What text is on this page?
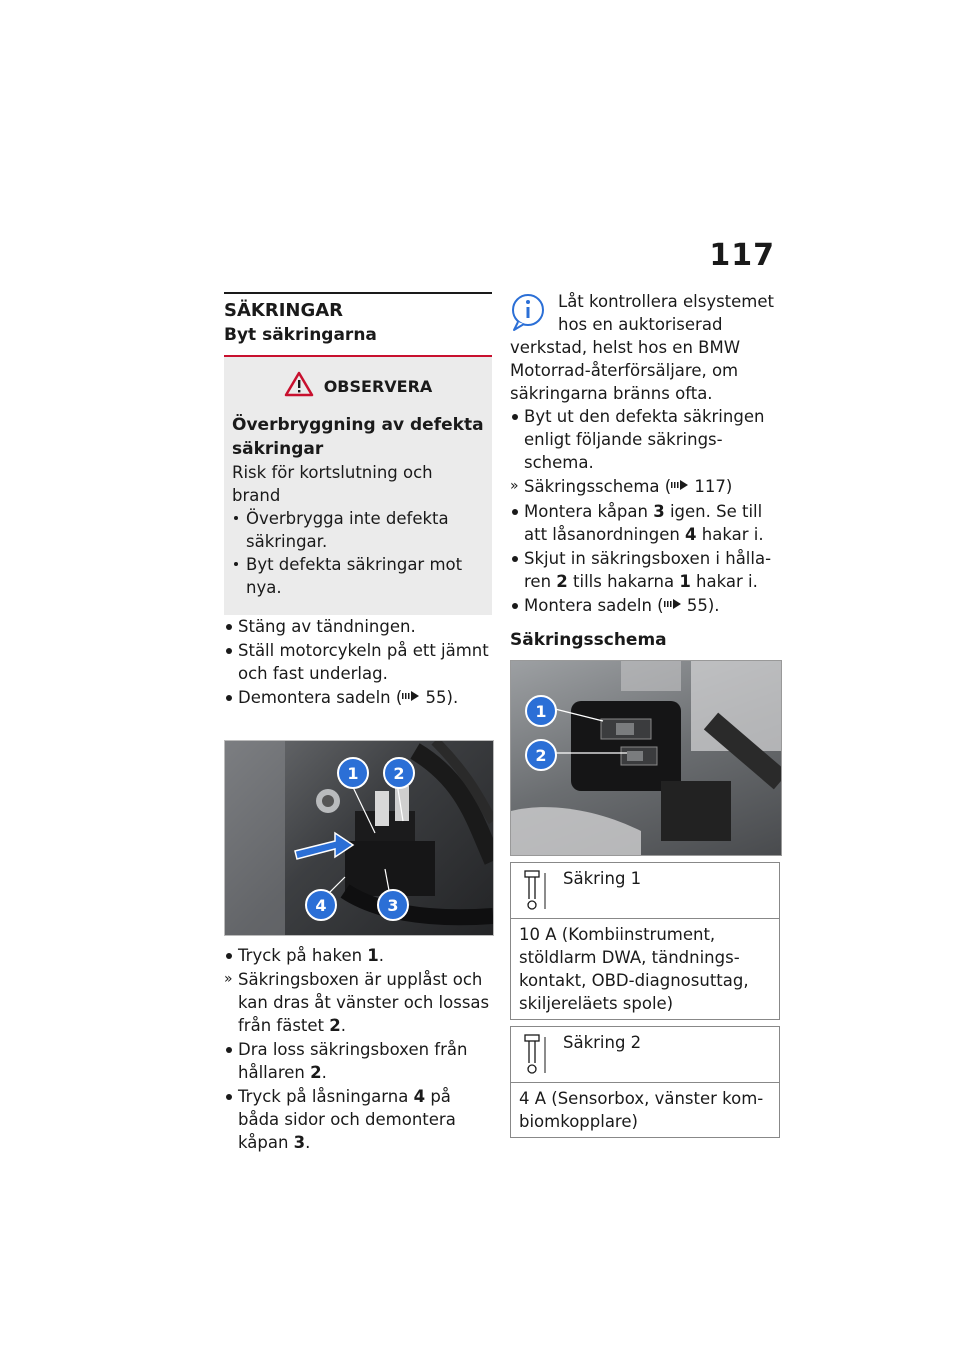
117
SÄKRINGAR
Byt säkringarna
OBSERVERA
Överbryggning av defekta säkringar
Risk för kortslutning och brand
Överbrygga inte defekta säkringar.
Byt defekta säkringar mot nya.
Stäng av tändningen.
Ställ motorcykeln på ett jämnt och fast underlag.
Demontera sadeln ( 55).
1	2
3
4
Tryck på haken 1.
» Säkringsboxen är upplåst och kan dras åt vänster och lossas från fästet 2.
Dra loss säkringsboxen från hållaren 2.
Tryck på låsningarna 4 på båda sidor och demontera kåpan 3.
Låt kontrollera elsystemet hos en auktoriserad
verkstad, helst hos en BMW Motorrad-återförsäljare, om säkringarna bränns ofta.
Byt ut den defekta säkringen enligt följande säkrings-schema.
» Säkringsschema ( 117)
Montera kåpan 3 igen. Se till att låsanordningen 4 hakar i.
Skjut in säkringsboxen i hålla-ren 2 tills hakarna 1 hakar i.
Montera sadeln ( 55).
Säkringsschema
1
2
Säkring 1
10 A (Kombiinstrument, stöldlarm DWA, tändnings-kontakt, OBD-diagnosuttag, skiljereläets spole)
Säkring 2
4 A (Sensorbox, vänster kom-biomkopplare)
